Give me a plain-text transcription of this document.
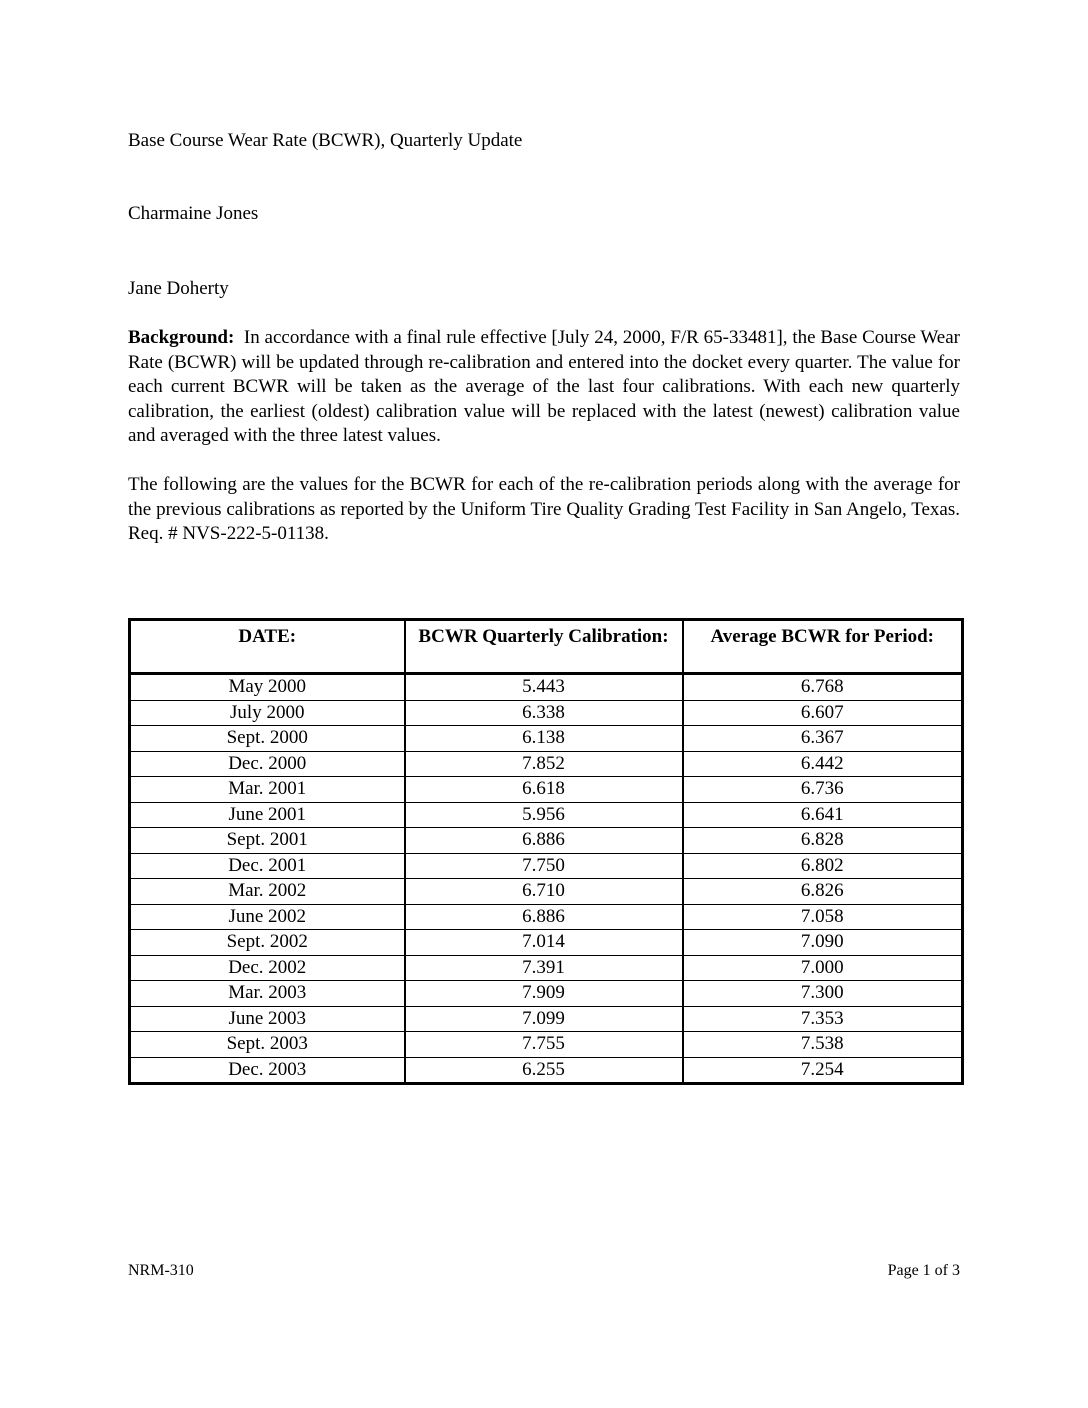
Base Course Wear Rate (BCWR), Quarterly Update
Charmaine Jones
Jane Doherty
Background: In accordance with a final rule effective [July 24, 2000, F/R 65-33481], the Base Course Wear Rate (BCWR) will be updated through re-calibration and entered into the docket every quarter. The value for each current BCWR will be taken as the average of the last four calibrations. With each new quarterly calibration, the earliest (oldest) calibration value will be replaced with the latest (newest) calibration value and averaged with the three latest values.
The following are the values for the BCWR for each of the re-calibration periods along with the average for the previous calibrations as reported by the Uniform Tire Quality Grading Test Facility in San Angelo, Texas. Req. # NVS-222-5-01138.
DATE:	BCWR Quarterly Calibration:	Average BCWR for Period:
May 2000	5.443	6.768
July 2000	6.338	6.607
Sept. 2000	6.138	6.367
Dec. 2000	7.852	6.442
Mar. 2001	6.618	6.736
June 2001	5.956	6.641
Sept. 2001	6.886	6.828
Dec. 2001	7.750	6.802
Mar. 2002	6.710	6.826
June 2002	6.886	7.058
Sept. 2002	7.014	7.090
Dec. 2002	7.391	7.000
Mar. 2003	7.909	7.300
June 2003	7.099	7.353
Sept. 2003	7.755	7.538
Dec. 2003	6.255	7.254
NRM-310	Page 1 of 3
